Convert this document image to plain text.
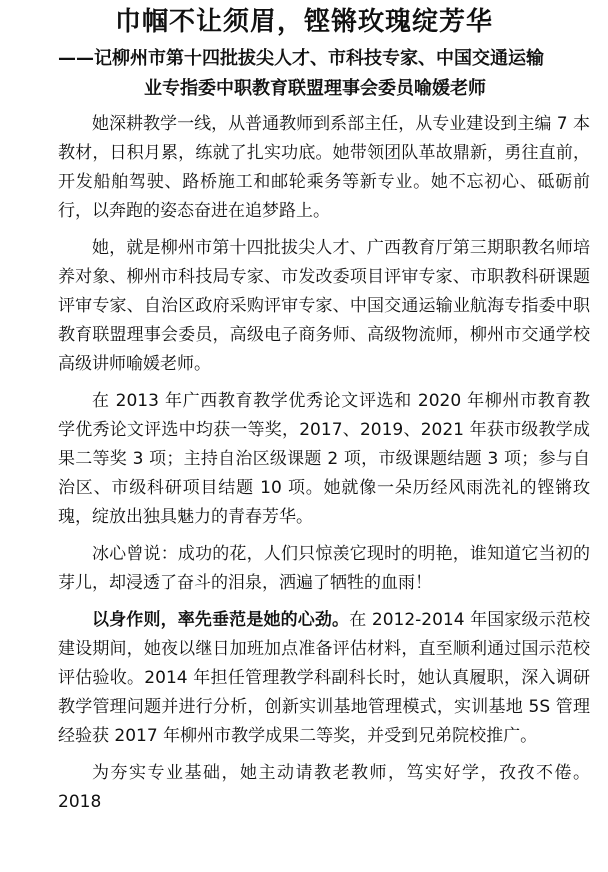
巾帼不让须眉，铿锵玫瑰绽芳华
——记柳州市第十四批拔尖人才、市科技专家、中国交通运输
业专指委中职教育联盟理事会委员喻媛老师

她深耕教学一线，从普通教师到系部主任，从专业建设到主编 7 本教材，日积月累，练就了扎实功底。她带领团队革故鼎新，勇往直前，开发船舶驾驶、路桥施工和邮轮乘务等新专业。她不忘初心、砥砺前行，以奔跑的姿态奋进在追梦路上。

她，就是柳州市第十四批拔尖人才、广西教育厅第三期职教名师培养对象、柳州市科技局专家、市发改委项目评审专家、市职教科研课题评审专家、自治区政府采购评审专家、中国交通运输业航海专指委中职教育联盟理事会委员，高级电子商务师、高级物流师，柳州市交通学校高级讲师喻媛老师。

在 2013 年广西教育教学优秀论文评选和 2020 年柳州市教育教学优秀论文评选中均获一等奖，2017、2019、2021 年获市级教学成果二等奖 3 项；主持自治区级课题 2 项，市级课题结题 3 项；参与自治区、市级科研项目结题 10 项。她就像一朵历经风雨洗礼的铿锵玫瑰，绽放出独具魅力的青春芳华。

冰心曾说：成功的花，人们只惊羡它现时的明艳，谁知道它当初的芽儿，却浸透了奋斗的泪泉，洒遍了牺牲的血雨！

以身作则，率先垂范是她的心劲。在 2012-2014 年国家级示范校建设期间，她夜以继日加班加点准备评估材料，直至顺利通过国示范校评估验收。2014 年担任管理教学科副科长时，她认真履职，深入调研教学管理问题并进行分析，创新实训基地管理模式，实训基地 5S 管理经验获 2017 年柳州市教学成果二等奖，并受到兄弟院校推广。

为夯实专业基础，她主动请教老教师，笃实好学，孜孜不倦。2018
